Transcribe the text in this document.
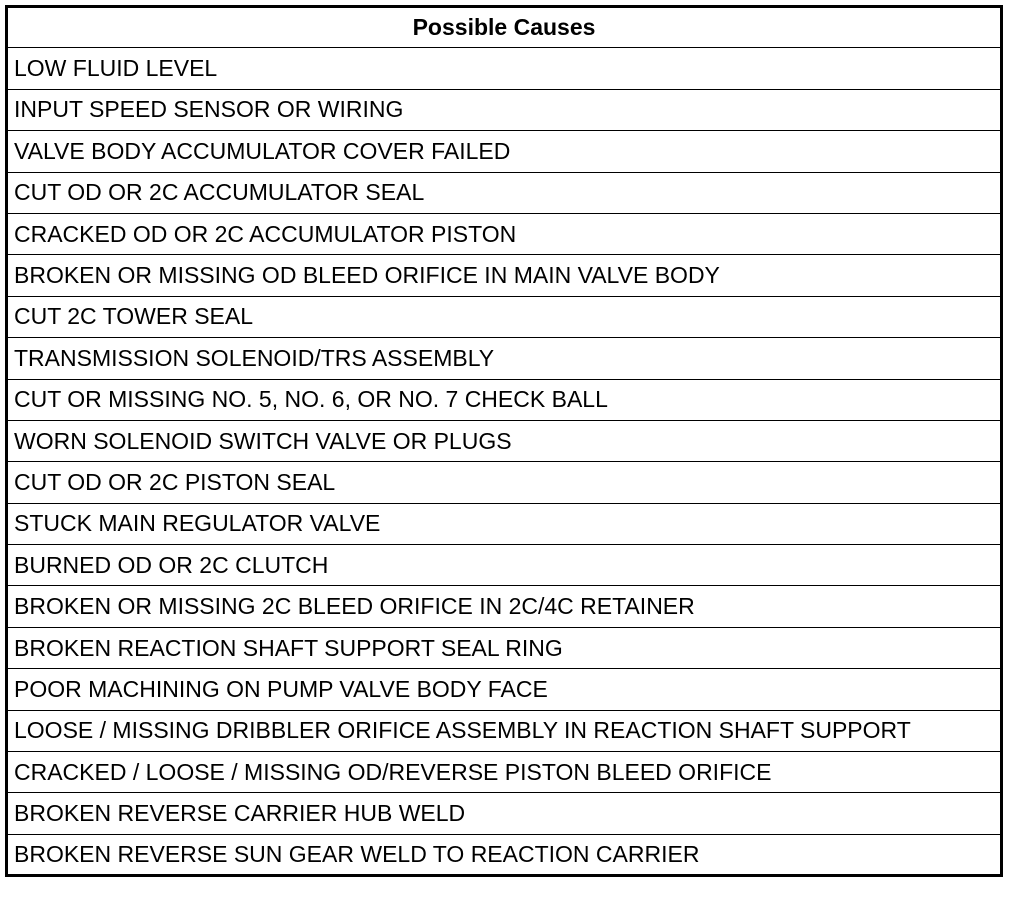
Possible Causes
LOW FLUID LEVEL
INPUT SPEED SENSOR OR WIRING
VALVE BODY ACCUMULATOR COVER FAILED
CUT OD OR 2C ACCUMULATOR SEAL
CRACKED OD OR 2C ACCUMULATOR PISTON
BROKEN OR MISSING OD BLEED ORIFICE IN MAIN VALVE BODY
CUT 2C TOWER SEAL
TRANSMISSION SOLENOID/TRS ASSEMBLY
CUT OR MISSING NO. 5, NO. 6, OR NO. 7 CHECK BALL
WORN SOLENOID SWITCH VALVE OR PLUGS
CUT OD OR 2C PISTON SEAL
STUCK MAIN REGULATOR VALVE
BURNED OD OR 2C CLUTCH
BROKEN OR MISSING 2C BLEED ORIFICE IN 2C/4C RETAINER
BROKEN REACTION SHAFT SUPPORT SEAL RING
POOR MACHINING ON PUMP VALVE BODY FACE
LOOSE / MISSING DRIBBLER ORIFICE ASSEMBLY IN REACTION SHAFT SUPPORT
CRACKED / LOOSE / MISSING OD/REVERSE PISTON BLEED ORIFICE
BROKEN REVERSE CARRIER HUB WELD
BROKEN REVERSE SUN GEAR WELD TO REACTION CARRIER
